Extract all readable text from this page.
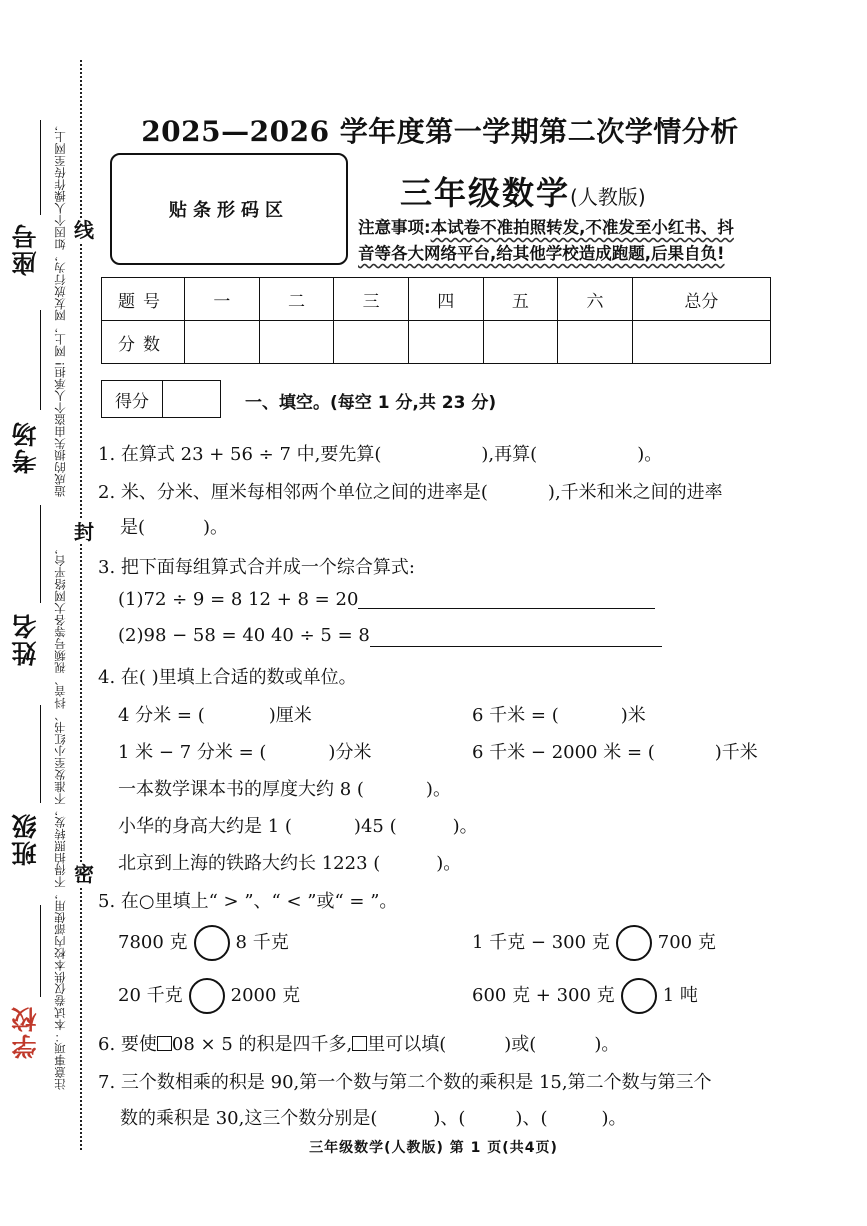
造成的损失由盗个人承担! 网上，网友放行为，如因个人操作传至网上，
注意事项：本试卷仅供本校内部使用，不得拍照转发，不准发至小红书、抖音、视频号等各大网络平台，
座号
考场
姓名
班级
学校
线
封
密
2025—2026 学年度第一学期第二次学情分析
贴条形码区	三年级数学(人教版)
注意事项:本试卷不准拍照转发,不准发至小红书、抖
音等各大网络平台,给其他学校造成跑题,后果自负!
题号	一	二	三	四	五	六	总分
分数							
得分	一、填空。(每空 1 分,共 23 分)
1. 在算式 23 + 56 ÷ 7 中,要先算(	),再算(	)。
2. 米、分米、厘米每相邻两个单位之间的进率是(	),千米和米之间的进率
是(	)。
3. 把下面每组算式合并成一个综合算式:
(1)72 ÷ 9 = 8 12 + 8 = 20
(2)98 − 58 = 40 40 ÷ 5 = 8
4. 在( )里填上合适的数或单位。
4 分米 = (	)厘米	6 千米 = (	)米
1 米 − 7 分米 = (	)分米	6 千米 − 2000 米 = (	)千米
一本数学课本书的厚度大约 8 (	)。
小华的身高大约是 1 (	)45 (	)。
北京到上海的铁路大约长 1223 (	)。
5. 在○里填上“ > ”、“ < ”或“ = ”。
7800 克	8 千克	1 千克 − 300 克	700 克
20 千克	2000 克	600 克 + 300 克	1 吨
6. 要使 08 × 5 的积是四千多, 里可以填(	)或(	)。
7. 三个数相乘的积是 90,第一个数与第二个数的乘积是 15,第二个数与第三个
数的乘积是 30,这三个数分别是(	)、(	)、(	)。
三年级数学(人教版) 第 1 页(共4页)
